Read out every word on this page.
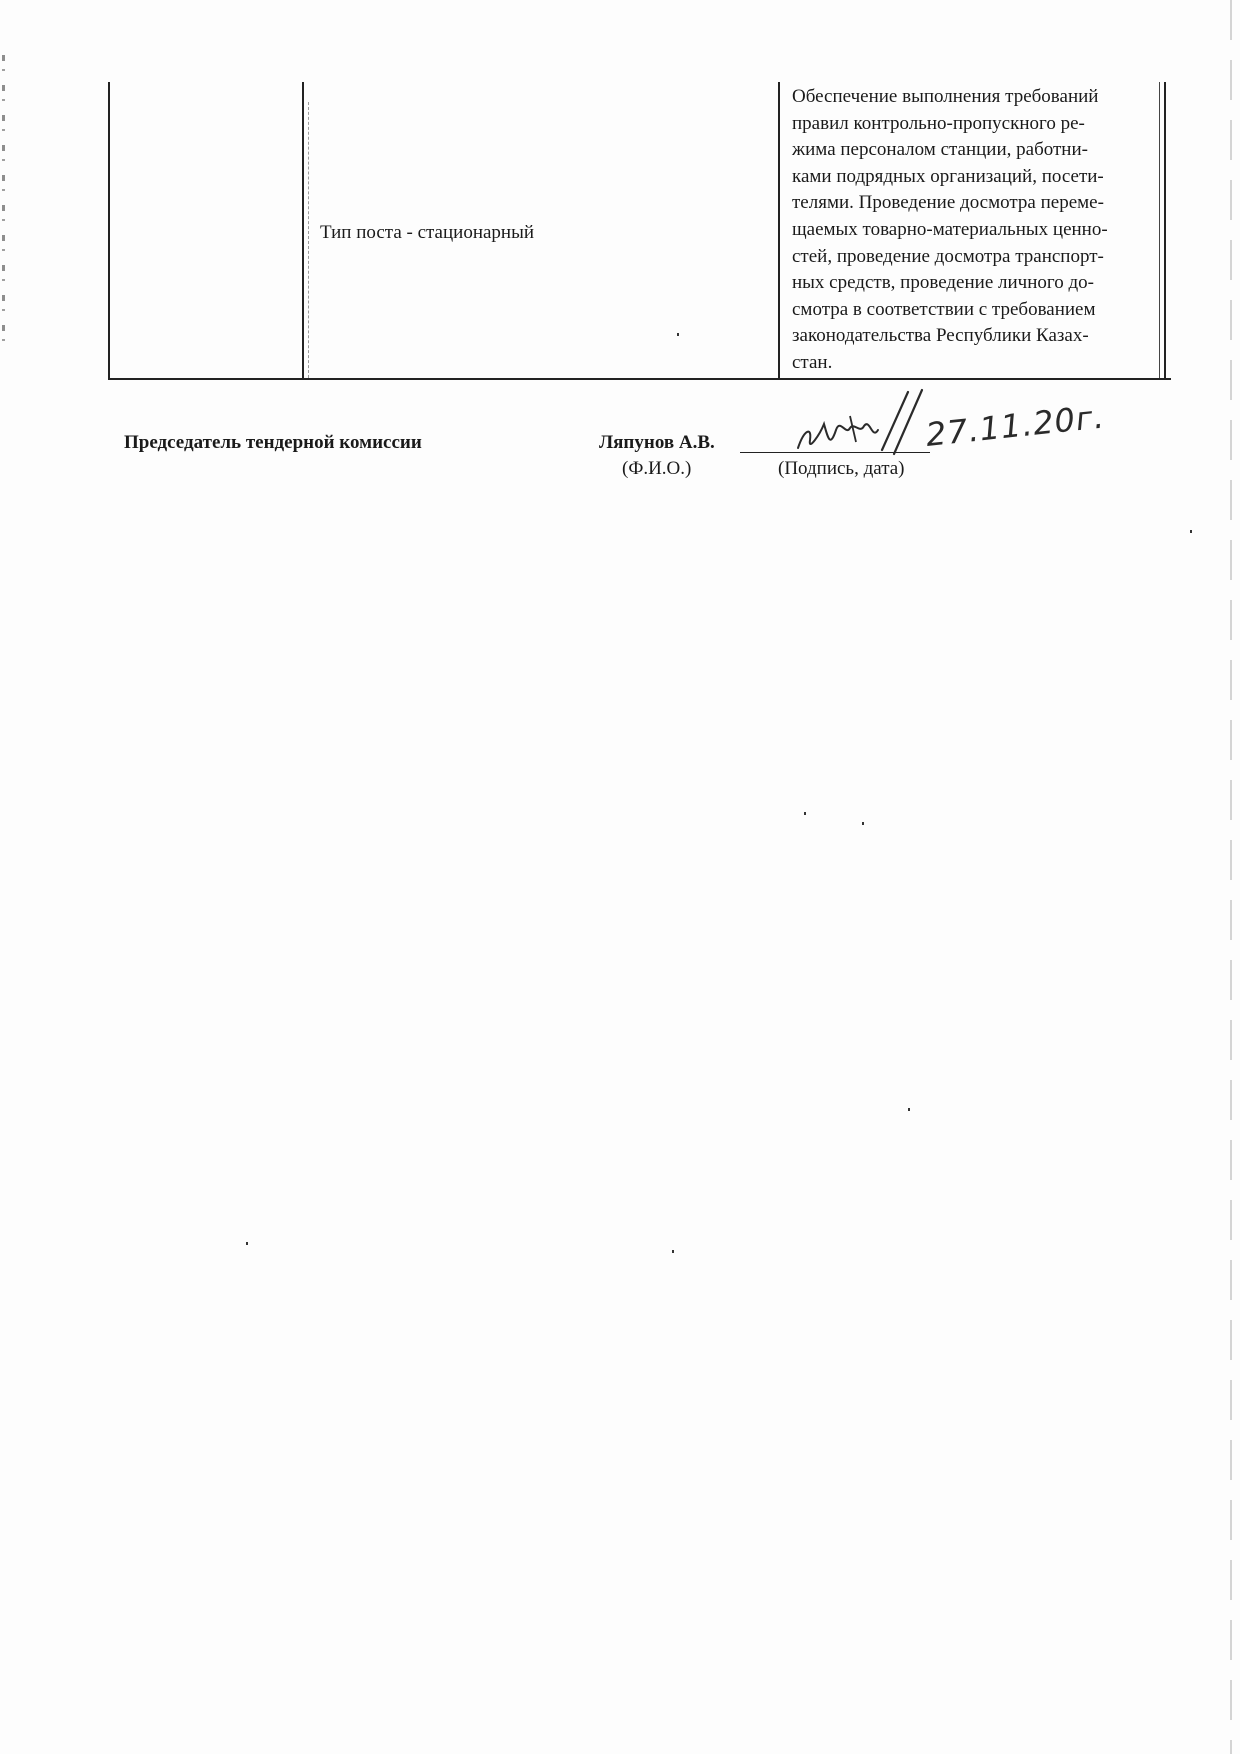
Тип поста - стационарный
Обеспечение выполнения требований
правил контрольно-пропускного ре-
жима персоналом станции, работни-
ками подрядных организаций, посети-
телями. Проведение досмотра переме-
щаемых товарно-материальных ценно-
стей, проведение досмотра транспорт-
ных средств, проведение личного до-
смотра в соответствии с требованием
законодательства Республики Казах-
стан.
Председатель тендерной комиссии	Ляпунов А.В.
(Ф.И.О.)	(Подпись, дата)
27.11.20г.
